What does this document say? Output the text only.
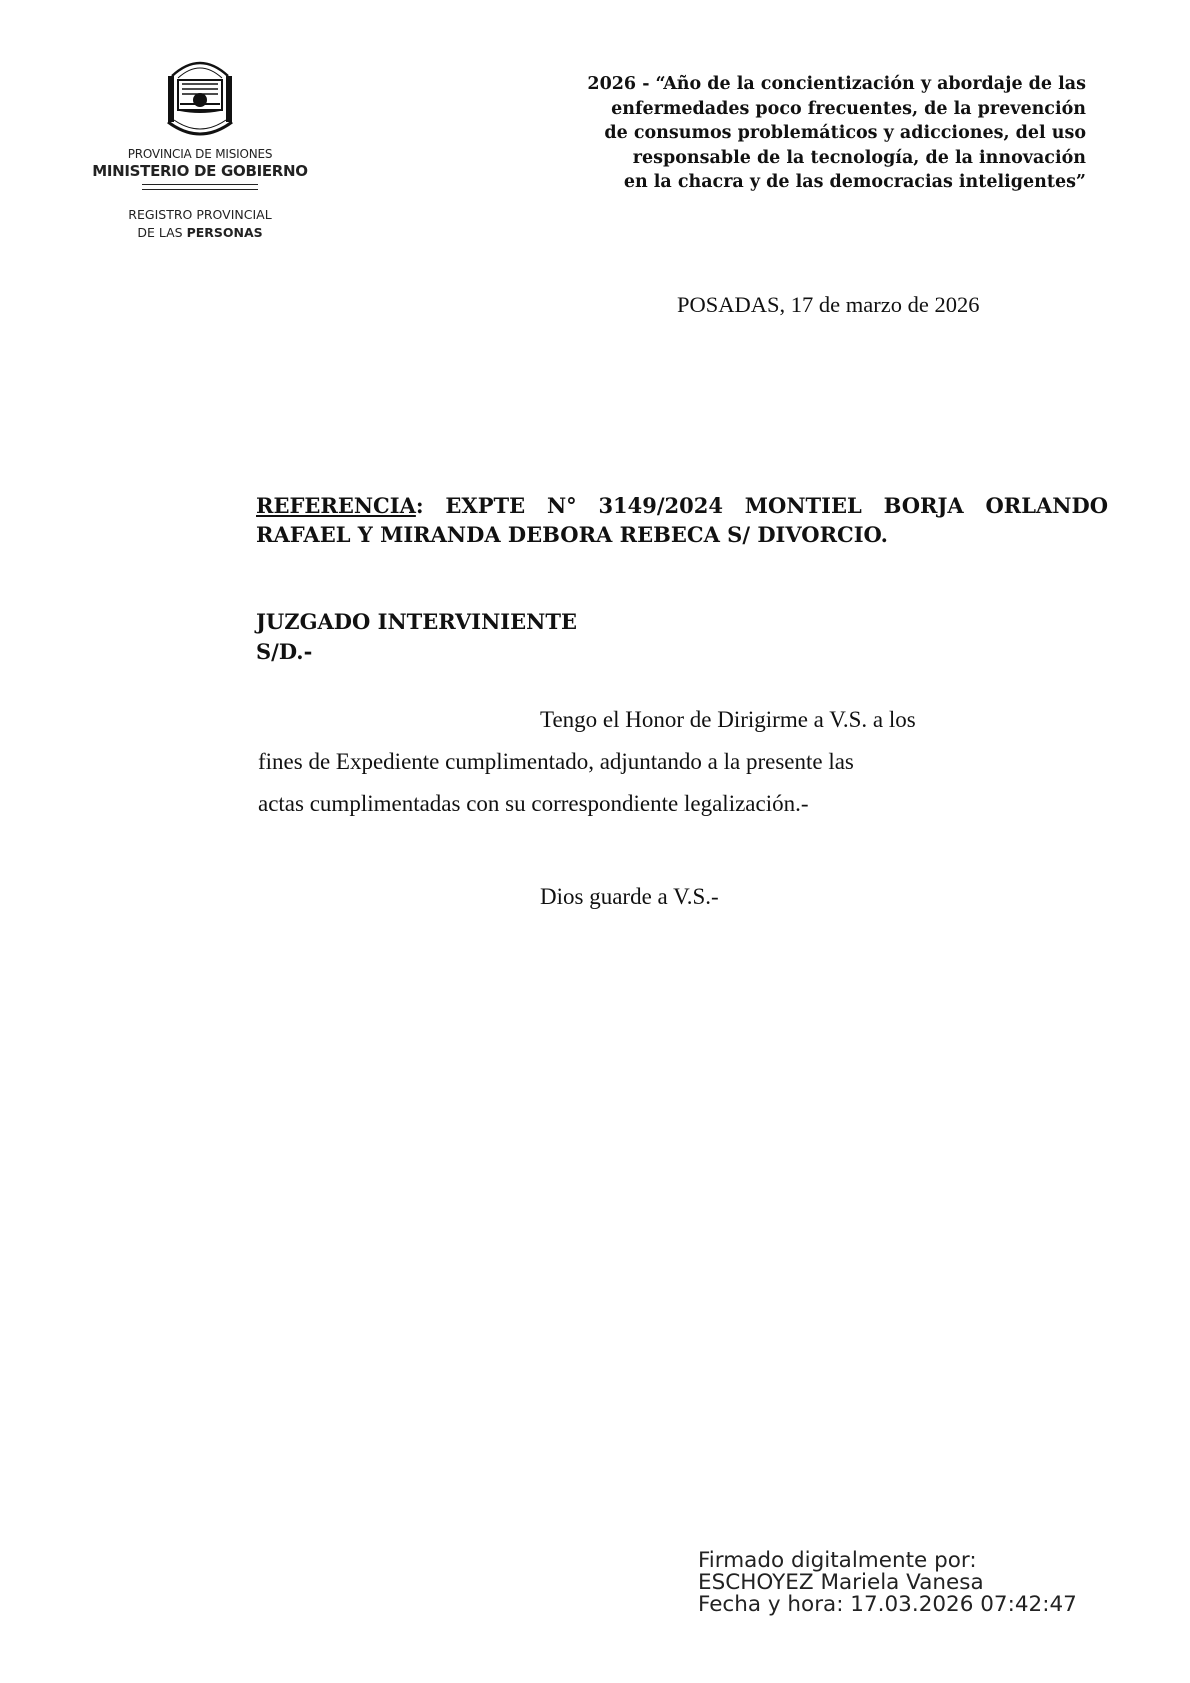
PROVINCIA DE MISIONES
MINISTERIO DE GOBIERNO
REGISTRO PROVINCIAL
DE LAS PERSONAS
2026 - “Año de la concientización y abordaje de las
enfermedades poco frecuentes, de la prevención
de consumos problemáticos y adicciones, del uso
responsable de la tecnología, de la innovación
en la chacra y de las democracias inteligentes”
POSADAS, 17 de marzo de 2026
REFERENCIA: EXPTE N° 3149/2024 MONTIEL BORJA ORLANDO
RAFAEL Y MIRANDA DEBORA REBECA S/ DIVORCIO.
JUZGADO INTERVINIENTE
S/D.-
Tengo el Honor de Dirigirme a V.S. a los
fines de Expediente cumplimentado, adjuntando a la presente las
actas cumplimentadas con su correspondiente legalización.-
Dios guarde a V.S.-
Firmado digitalmente por:
ESCHOYEZ Mariela Vanesa
Fecha y hora: 17.03.2026 07:42:47
